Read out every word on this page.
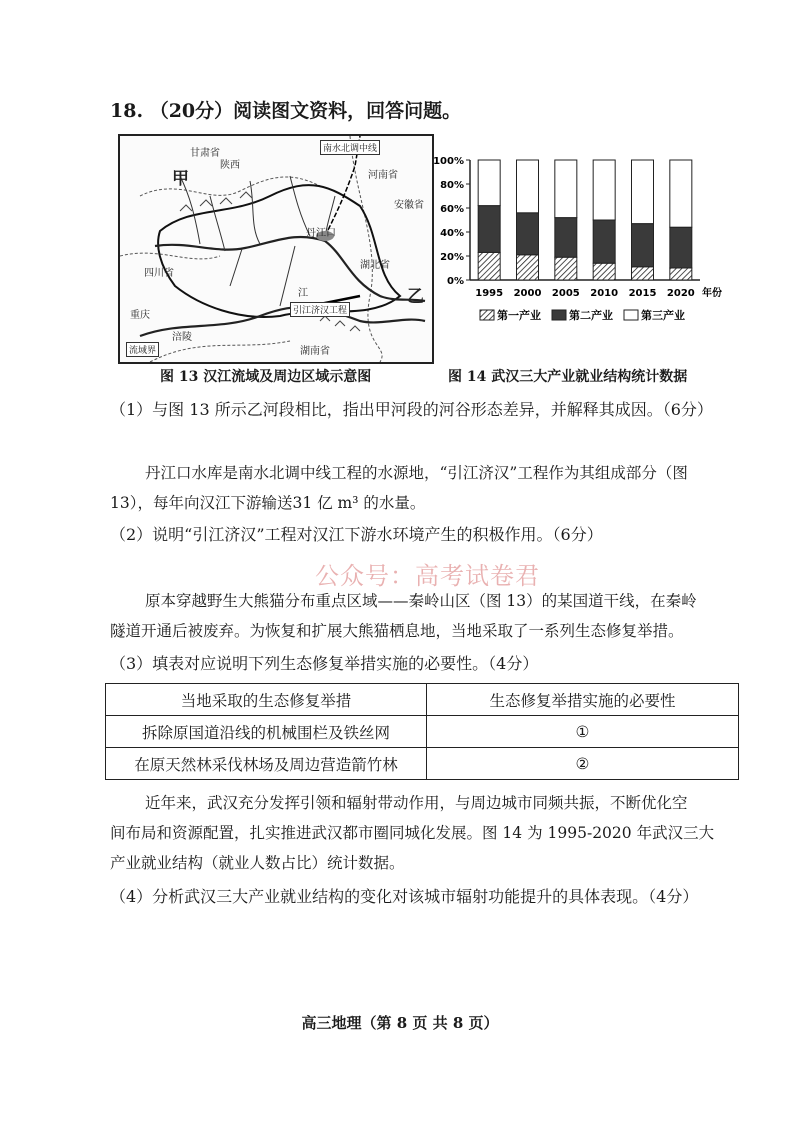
18. （20分）阅读图文资料，回答问题。
南水北调中线
甲
乙
丹江口
四川省
湖北省
湖南省
引江济汉工程
江
甘肃省
河南省
重庆
涪陵
陕西
安徽省
流域界
图 13 汉江流域及周边区域示意图
0%
20%
40%
60%
80%
100%
1995 2000 2005 2010 2015 2020 年份
第一产业	第二产业	第三产业
图 14 武汉三大产业就业结构统计数据
（1）与图 13 所示乙河段相比，指出甲河段的河谷形态差异，并解释其成因。（6分）
丹江口水库是南水北调中线工程的水源地，“引江济汉”工程作为其组成部分（图
13），每年向汉江下游输送31 亿 m³ 的水量。
（2）说明“引江济汉”工程对汉江下游水环境产生的积极作用。（6分）
公众号：高考试卷君
原本穿越野生大熊猫分布重点区域——秦岭山区（图 13）的某国道干线，在秦岭
隧道开通后被废弃。为恢复和扩展大熊猫栖息地，当地采取了一系列生态修复举措。
（3）填表对应说明下列生态修复举措实施的必要性。（4分）
当地采取的生态修复举措	生态修复举措实施的必要性
拆除原国道沿线的机械围栏及铁丝网	①
在原天然林采伐林场及周边营造箭竹林	②
近年来，武汉充分发挥引领和辐射带动作用，与周边城市同频共振，不断优化空
间布局和资源配置，扎实推进武汉都市圈同城化发展。图 14 为 1995-2020 年武汉三大
产业就业结构（就业人数占比）统计数据。
（4）分析武汉三大产业就业结构的变化对该城市辐射功能提升的具体表现。（4分）
高三地理（第 8 页 共 8 页）
